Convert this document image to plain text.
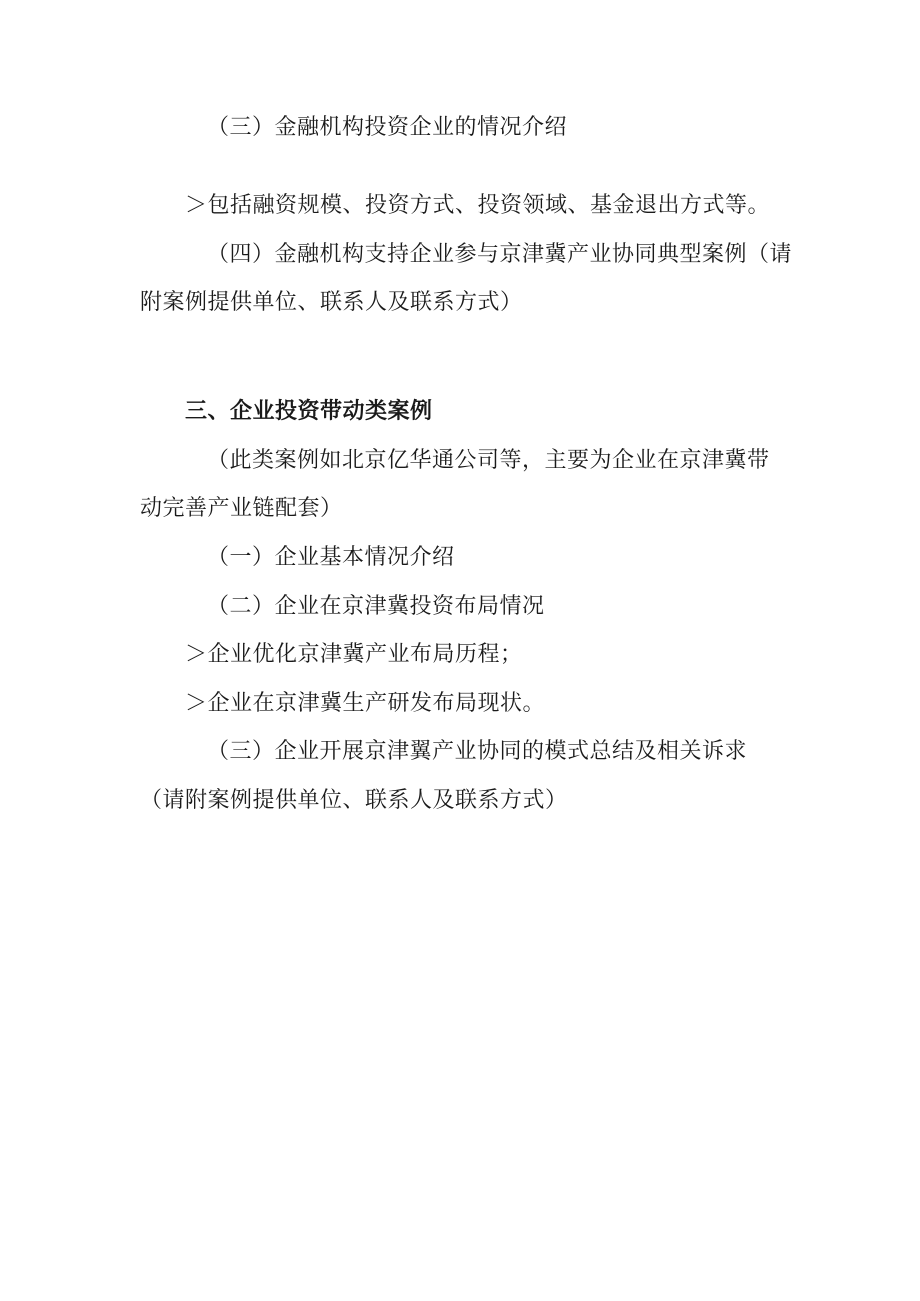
（三）金融机构投资企业的情况介绍
＞包括融资规模、投资方式、投资领域、基金退出方式等。
（四）金融机构支持企业参与京津冀产业协同典型案例（请
附案例提供单位、联系人及联系方式）
三、企业投资带动类案例
（此类案例如北京亿华通公司等，主要为企业在京津冀带
动完善产业链配套）
（一）企业基本情况介绍
（二）企业在京津冀投资布局情况
＞企业优化京津冀产业布局历程；
＞企业在京津冀生产研发布局现状。
（三）企业开展京津翼产业协同的模式总结及相关诉求
（请附案例提供单位、联系人及联系方式）
